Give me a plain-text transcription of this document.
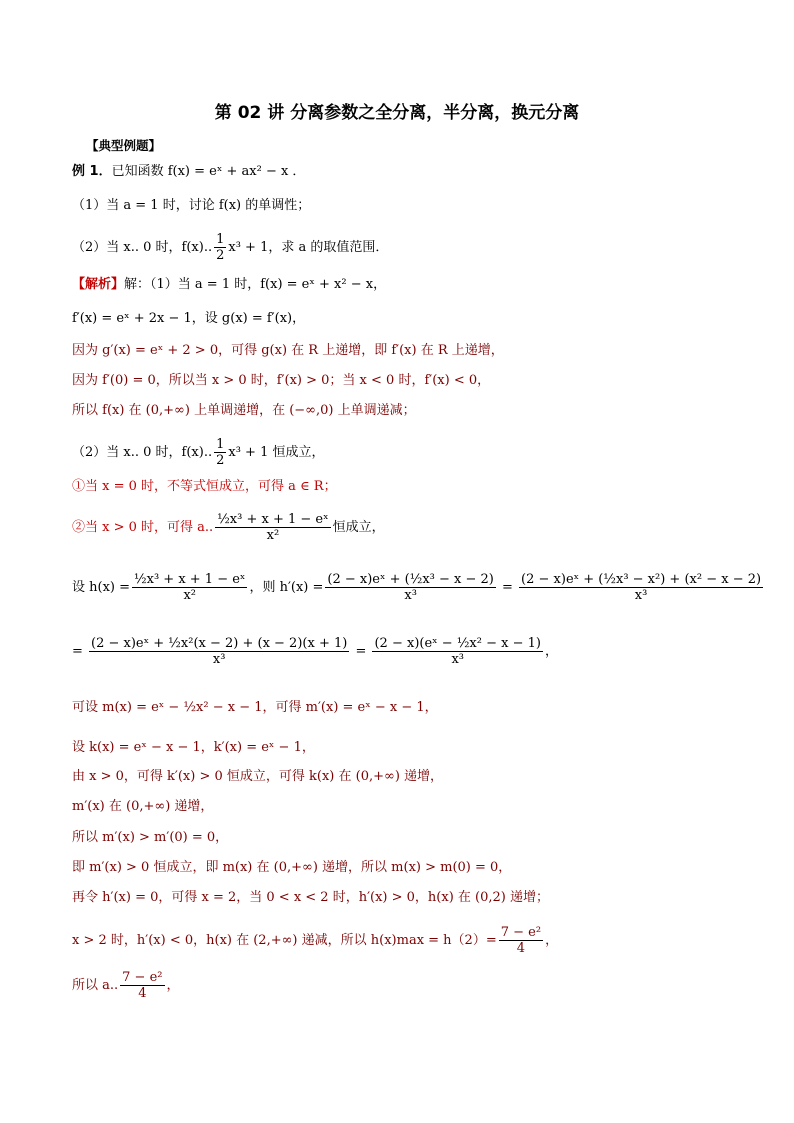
第 02 讲 分离参数之全分离，半分离，换元分离
【典型例题】
例 1．已知函数 f(x) = eˣ + ax² − x ．
（1）当 a = 1 时，讨论 f(x) 的单调性；
（2）当 x.. 0 时，f(x).. $\frac{1}{2} x^3 + 1$，求 a 的取值范围．
【解析】解：（1）当 a = 1 时，f(x) = eˣ + x² − x，
f′(x) = eˣ + 2x − 1，设 g(x) = f′(x)，
因为 g′(x) = eˣ + 2 > 0，可得 g(x) 在 R 上递增，即 f′(x) 在 R 上递增，
因为 f′(0) = 0，所以当 x > 0 时，f′(x) > 0；当 x < 0 时，f′(x) < 0，
所以 f(x) 在 (0,+∞) 上单调递增，在 (−∞,0) 上单调递减；
（2）当 x.. 0 时，f(x).. $\frac{1}{2} x^3 + 1$ 恒成立，
①当 x = 0 时，不等式恒成立，可得 a ∈ R；
②当 x > 0 时，可得 a.. $\frac{\text{½x³ + x + 1 − eˣ}}{\text{x²}}$ 恒成立，
设 $h(x) = \frac{\text{½x³ + x + 1 − eˣ}}{\text{x²}}$ ，则 $h'(x) = \frac{\text{(2 − x)eˣ + (½x³ − x − 2)}}{\text{x³}} = \frac{\text{(2 − x)eˣ + (½x³ − x²) + (x² − x − 2)}}{\text{x³}}$
= $\frac{\text{(2 − x)eˣ + ½x²(x − 2) + (x − 2)(x + 1)}}{\text{x³}} = \frac{\text{(2 − x)(eˣ − ½x² − x − 1)}}{\text{x³}}$ ，
可设 m(x) = eˣ − ½x² − x − 1，可得 m′(x) = eˣ − x − 1，
设 k(x) = eˣ − x − 1，k′(x) = eˣ − 1，
由 x > 0，可得 k′(x) > 0 恒成立，可得 k(x) 在 (0,+∞) 递增，
m′(x) 在 (0,+∞) 递增，
所以 m′(x) > m′(0) = 0，
即 m′(x) > 0 恒成立，即 m(x) 在 (0,+∞) 递增，所以 m(x) > m(0) = 0，
再令 h′(x) = 0，可得 x = 2，当 0 < x < 2 时，h′(x) > 0，h(x) 在 (0,2) 递增；
x > 2 时，h′(x) < 0，h(x) 在 (2,+∞) 递减，所以 $h(x)\max = h(2)= \frac{\text{7 − e²}}{4}$ ，
所以 a.. $\frac{\text{7 − e²}}{4}$ ，
